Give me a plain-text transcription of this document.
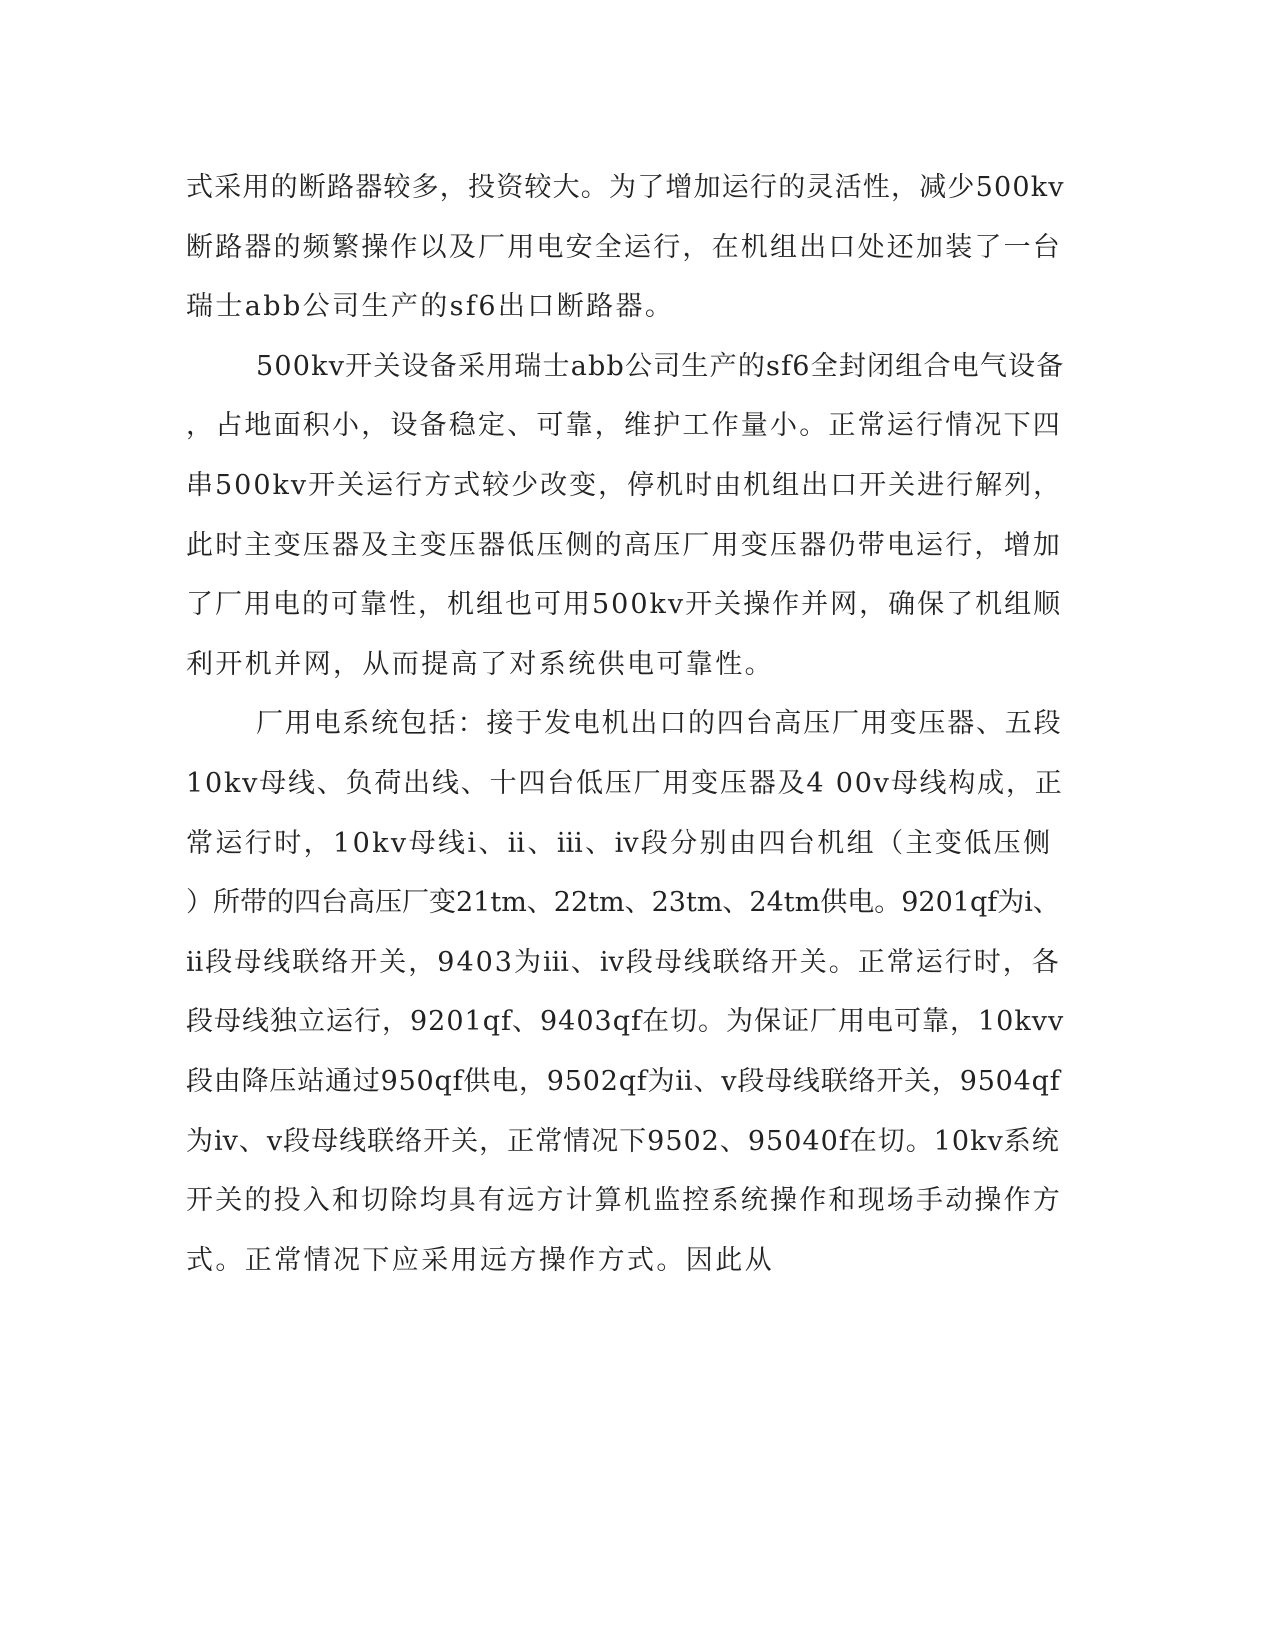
式采用的断路器较多，投资较大。为了增加运行的灵活性，减少500kv
断路器的频繁操作以及厂用电安全运行，在机组出口处还加装了一台
瑞士abb公司生产的sf6出口断路器。
500kv开关设备采用瑞士abb公司生产的sf6全封闭组合电气设备
，占地面积小，设备稳定、可靠，维护工作量小。正常运行情况下四
串500kv开关运行方式较少改变，停机时由机组出口开关进行解列，
此时主变压器及主变压器低压侧的高压厂用变压器仍带电运行，增加
了厂用电的可靠性，机组也可用500kv开关操作并网，确保了机组顺
利开机并网，从而提高了对系统供电可靠性。
厂用电系统包括：接于发电机出口的四台高压厂用变压器、五段
10kv母线、负荷出线、十四台低压厂用变压器及4 00v母线构成，正
常运行时，10kv母线ⅰ、ⅱ、ⅲ、ⅳ段分别由四台机组（主变低压侧
）所带的四台高压厂变21tm、22tm、23tm、24tm供电。9201qf为ⅰ、
ⅱ段母线联络开关，9403为ⅲ、ⅳ段母线联络开关。正常运行时，各
段母线独立运行，9201qf、9403qf在切。为保证厂用电可靠，10kvⅴ
段由降压站通过950qf供电，9502qf为ⅱ、ⅴ段母线联络开关，9504qf
为ⅳ、ⅴ段母线联络开关，正常情况下9502、95040f在切。10kv系统
开关的投入和切除均具有远方计算机监控系统操作和现场手动操作方
式。正常情况下应采用远方操作方式。因此从
